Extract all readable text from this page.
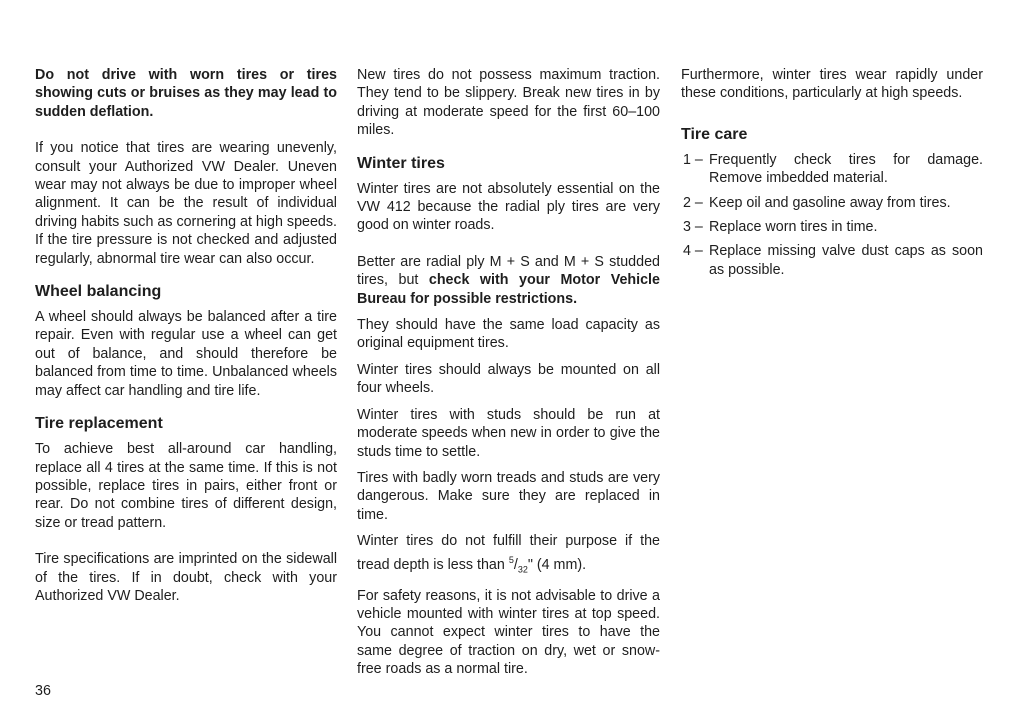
Do not drive with worn tires or tires showing cuts or bruises as they may lead to sudden deflation.

If you notice that tires are wearing unevenly, consult your Authorized VW Dealer. Uneven wear may not always be due to improper wheel alignment. It can be the result of individual driving habits such as cornering at high speeds. If the tire pressure is not checked and adjusted regularly, abnormal tire wear can also occur.

Wheel balancing

A wheel should always be balanced after a tire repair. Even with regular use a wheel can get out of balance, and should therefore be balanced from time to time. Unbalanced wheels may affect car handling and tire life.

Tire replacement

To achieve best all-around car handling, replace all 4 tires at the same time. If this is not possible, replace tires in pairs, either front or rear. Do not combine tires of different design, size or tread pattern.

Tire specifications are imprinted on the sidewall of the tires. If in doubt, check with your Authorized VW Dealer.

New tires do not possess maximum traction. They tend to be slippery. Break new tires in by driving at moderate speed for the first 60–100 miles.

Winter tires

Winter tires are not absolutely essential on the VW 412 because the radial ply tires are very good on winter roads.

Better are radial ply M + S and M + S studded tires, but check with your Motor Vehicle Bureau for possible restrictions.

They should have the same load capacity as original equipment tires.

Winter tires should always be mounted on all four wheels.

Winter tires with studs should be run at moderate speeds when new in order to give the studs time to settle.

Tires with badly worn treads and studs are very dangerous. Make sure they are replaced in time.

Winter tires do not fulfill their purpose if the tread depth is less than $^5/_{32}$" (4 mm).

For safety reasons, it is not advisable to drive a vehicle mounted with winter tires at top speed. You cannot expect winter tires to have the same degree of traction on dry, wet or snow-free roads as a normal tire.

Furthermore, winter tires wear rapidly under these conditions, particularly at high speeds.

Tire care
1 – Frequently check tires for damage. Remove imbedded material.
2 – Keep oil and gasoline away from tires.
3 – Replace worn tires in time.
4 – Replace missing valve dust caps as soon as possible.
36
